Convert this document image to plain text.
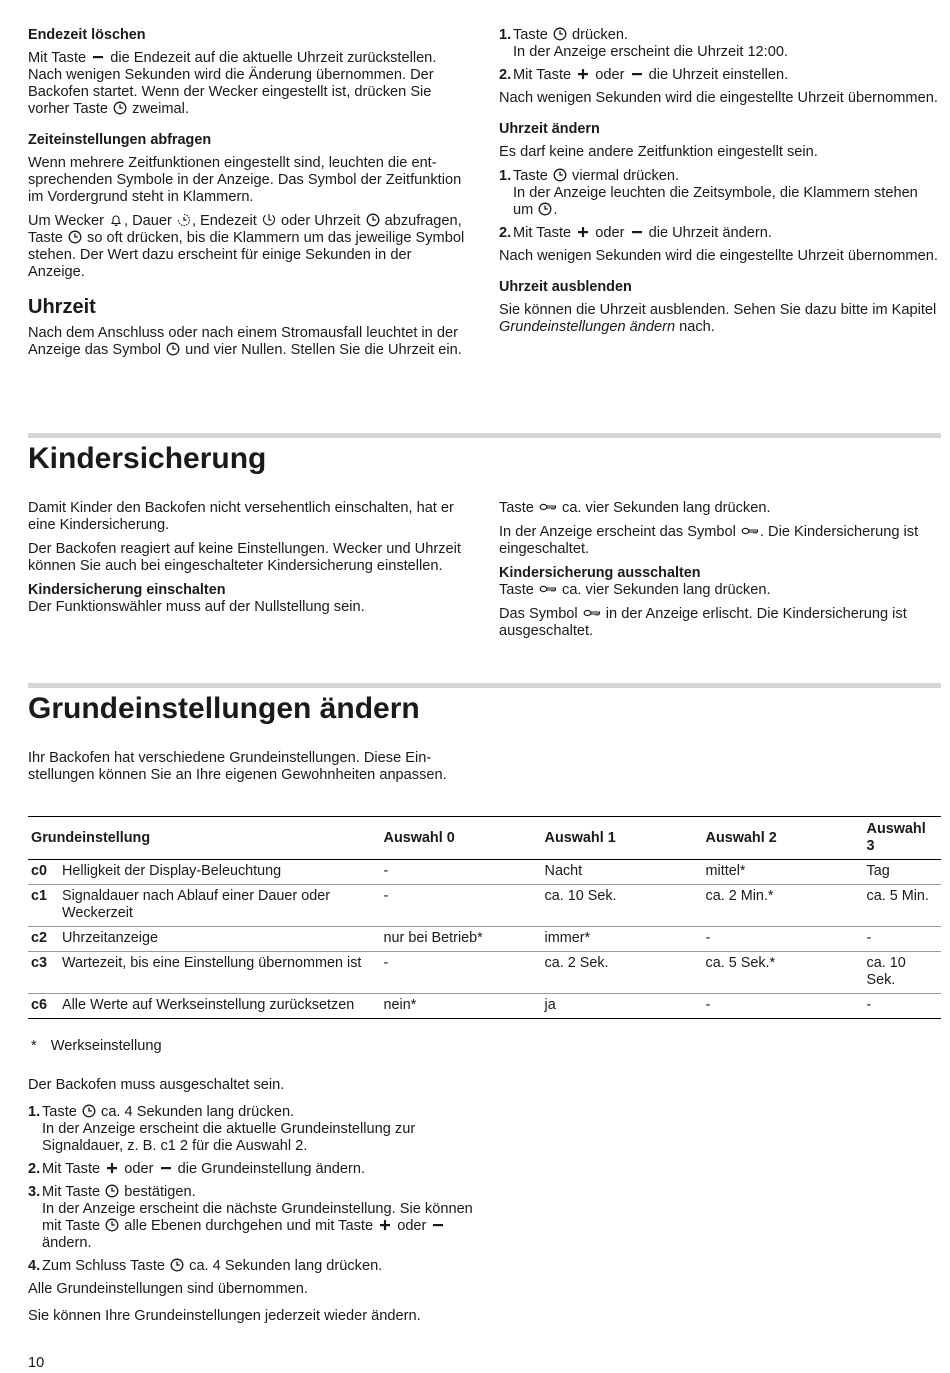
Endezeit löschen

Mit Taste die Endezeit auf die aktuelle Uhrzeit zurückstellen. Nach wenigen Sekunden wird die Änderung übernommen. Der Backofen startet. Wenn der Wecker eingestellt ist, drücken Sie vorher Taste zweimal.

Zeiteinstellungen abfragen

Wenn mehrere Zeitfunktionen eingestellt sind, leuchten die entsprechenden Symbole in der Anzeige. Das Symbol der Zeitfunktion im Vordergrund steht in Klammern.

Um Wecker , Dauer , Endezeit oder Uhrzeit abzufragen, Taste so oft drücken, bis die Klammern um das jeweilige Symbol stehen. Der Wert dazu erscheint für einige Sekunden in der Anzeige.

Uhrzeit

Nach dem Anschluss oder nach einem Stromausfall leuchtet in der Anzeige das Symbol und vier Nullen. Stellen Sie die Uhrzeit ein.

1. Taste drücken.
In der Anzeige erscheint die Uhrzeit 12:00.
2. Mit Taste oder die Uhrzeit einstellen.

Nach wenigen Sekunden wird die eingestellte Uhrzeit übernommen.

Uhrzeit ändern

Es darf keine andere Zeitfunktion eingestellt sein.

1. Taste viermal drücken.
In der Anzeige leuchten die Zeitsymbole, die Klammern stehen um .
2. Mit Taste oder die Uhrzeit ändern.

Nach wenigen Sekunden wird die eingestellte Uhrzeit übernommen.

Uhrzeit ausblenden

Sie können die Uhrzeit ausblenden. Sehen Sie dazu bitte im Kapitel Grundeinstellungen ändern nach.

Kindersicherung

Damit Kinder den Backofen nicht versehentlich einschalten, hat er eine Kindersicherung.

Der Backofen reagiert auf keine Einstellungen. Wecker und Uhrzeit können Sie auch bei eingeschalteter Kindersicherung einstellen.

Kindersicherung einschalten

Der Funktionswähler muss auf der Nullstellung sein.

Taste ca. vier Sekunden lang drücken.

In der Anzeige erscheint das Symbol . Die Kindersicherung ist eingeschaltet.

Kindersicherung ausschalten

Taste ca. vier Sekunden lang drücken.

Das Symbol in der Anzeige erlischt. Die Kindersicherung ist ausgeschaltet.

Grundeinstellungen ändern

Ihr Backofen hat verschiedene Grundeinstellungen. Diese Einstellungen können Sie an Ihre eigenen Gewohnheiten anpassen.

Grundeinstellung		Auswahl 0	Auswahl 1	Auswahl 2	Auswahl 3
c0	Helligkeit der Display-Beleuchtung	-	Nacht	mittel*	Tag
c1	Signaldauer nach Ablauf einer Dauer oder Weckerzeit	-	ca. 10 Sek.	ca. 2 Min.*	ca. 5 Min.
c2	Uhrzeitanzeige	nur bei Betrieb*	immer*	-	-
c3	Wartezeit, bis eine Einstellung übernommen ist	-	ca. 2 Sek.	ca. 5 Sek.*	ca. 10 Sek.
c6	Alle Werte auf Werkseinstellung zurücksetzen	nein*	ja	-	-
* Werkseinstellung

Der Backofen muss ausgeschaltet sein.

1. Taste ca. 4 Sekunden lang drücken.
In der Anzeige erscheint die aktuelle Grundeinstellung zur Signaldauer, z. B. c1 2 für die Auswahl 2.
2. Mit Taste oder die Grundeinstellung ändern.
3. Mit Taste bestätigen.
In der Anzeige erscheint die nächste Grundeinstellung. Sie können mit Taste alle Ebenen durchgehen und mit Taste oder
ändern.
4. Zum Schluss Taste ca. 4 Sekunden lang drücken.

Alle Grundeinstellungen sind übernommen.

Sie können Ihre Grundeinstellungen jederzeit wieder ändern.

10
